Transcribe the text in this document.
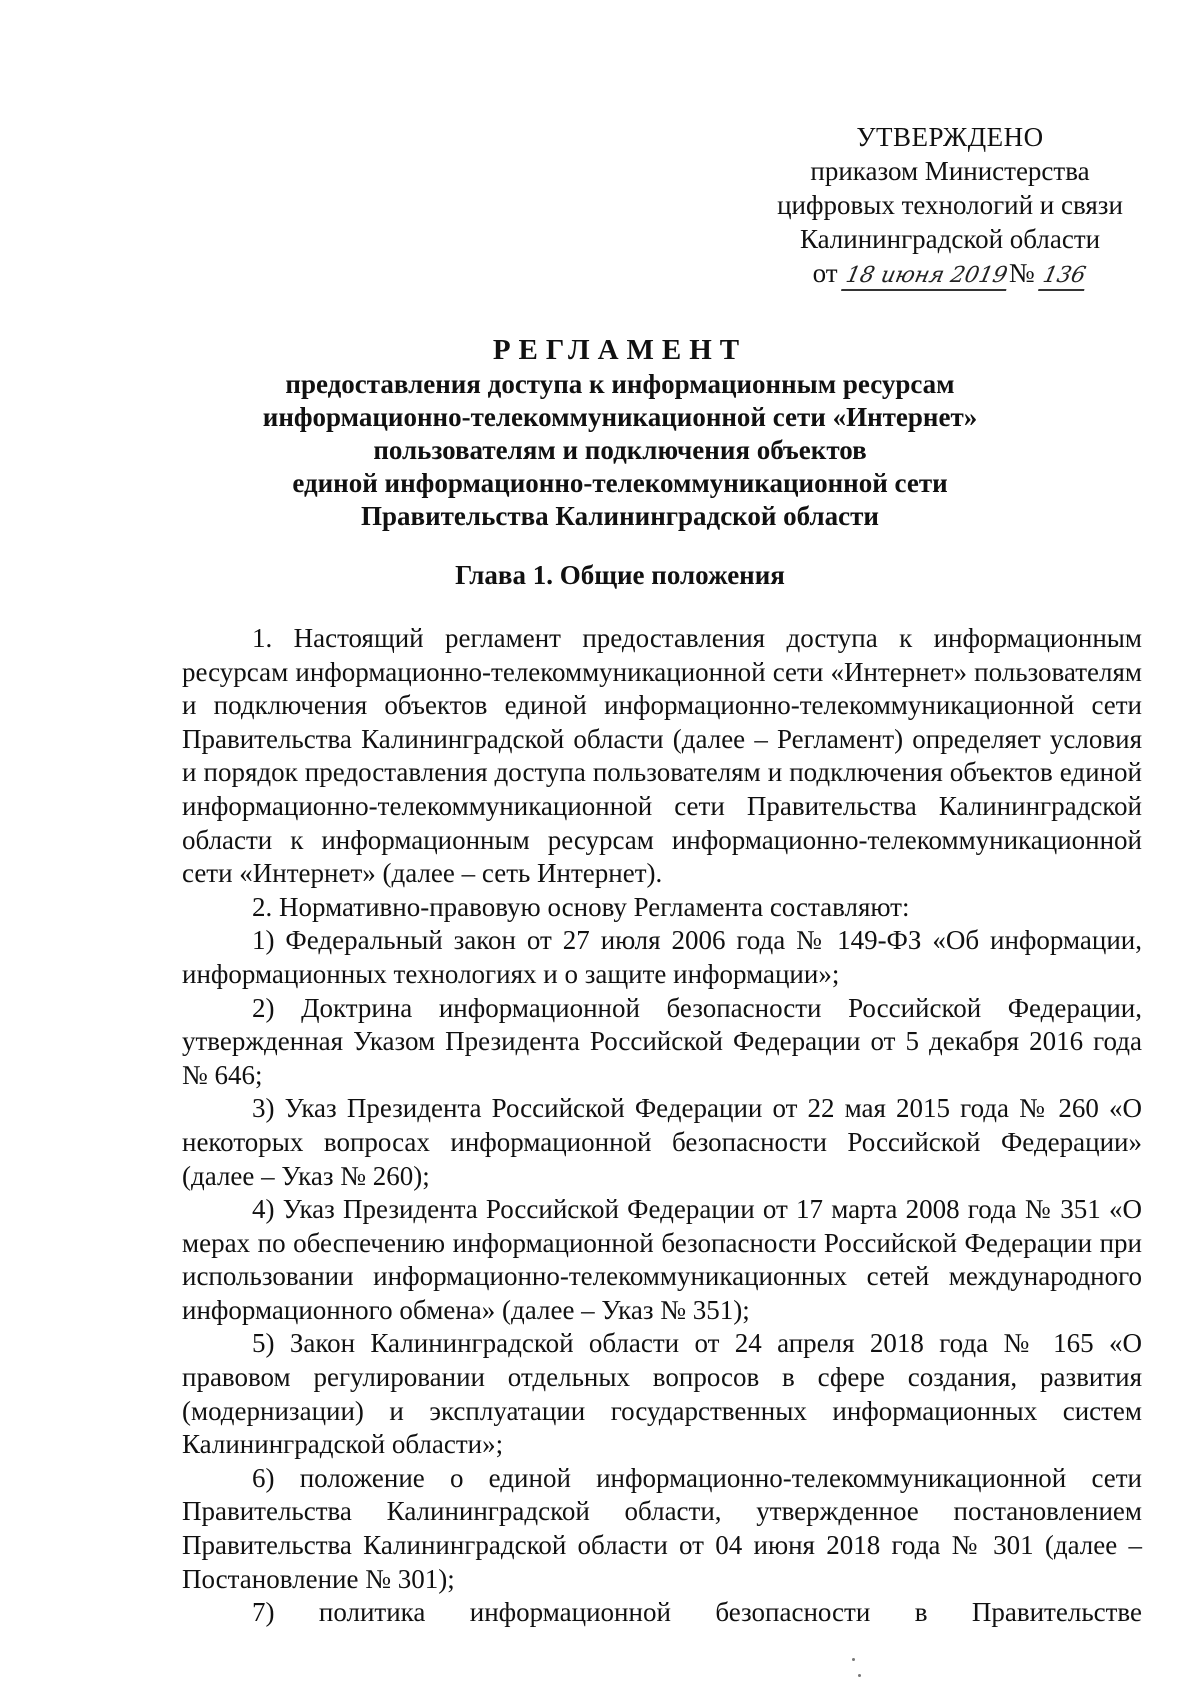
УТВЕРЖДЕНО
приказом Министерства
цифровых технологий и связи
Калининградской области
от 18 июня 2019№ 136
РЕГЛАМЕНТ
предоставления доступа к информационным ресурсам
информационно-телекоммуникационной сети «Интернет»
пользователям и подключения объектов
единой информационно-телекоммуникационной сети
Правительства Калининградской области
Глава 1. Общие положения

1. Настоящий регламент предоставления доступа к информационным ресурсам информационно-телекоммуникационной сети «Интернет» пользователям и подключения объектов единой информационно-телекоммуникационной сети Правительства Калининградской области (далее – Регламент) определяет условия и порядок предоставления доступа пользователям и подключения объектов единой информационно-телекоммуникационной сети Правительства Калининградской области к информационным ресурсам информационно-телекоммуникационной сети «Интернет» (далее – сеть Интернет).

2. Нормативно-правовую основу Регламента составляют:

1) Федеральный закон от 27 июля 2006 года № 149-ФЗ «Об информации, информационных технологиях и о защите информации»;

2) Доктрина информационной безопасности Российской Федерации, утвержденная Указом Президента Российской Федерации от 5 декабря 2016 года № 646;

3) Указ Президента Российской Федерации от 22 мая 2015 года № 260 «О некоторых вопросах информационной безопасности Российской Федерации» (далее – Указ № 260);

4) Указ Президента Российской Федерации от 17 марта 2008 года № 351 «О мерах по обеспечению информационной безопасности Российской Федерации при использовании информационно-телекоммуникационных сетей международного информационного обмена» (далее – Указ № 351);

5) Закон Калининградской области от 24 апреля 2018 года № 165 «О правовом регулировании отдельных вопросов в сфере создания, развития (модернизации) и эксплуатации государственных информационных систем Калининградской области»;

6) положение о единой информационно-телекоммуникационной сети Правительства Калининградской области, утвержденное постановлением Правительства Калининградской области от 04 июня 2018 года № 301 (далее – Постановление № 301);

7) политика информационной безопасности в Правительстве
